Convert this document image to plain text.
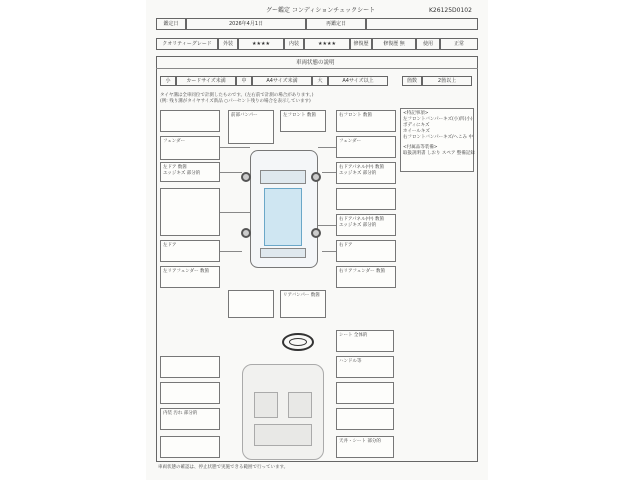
グー鑑定 コンディションチェックシート	K26125D0102
鑑定日	2026年4月1日	再鑑定日
クオリティーグレード	外装	★★★★	内装	★★★★	修復歴	修復歴 無	使用	正常
車両状態の説明
小	カードサイズ未満	中	A4サイズ未満	大	A4サイズ以上	箇数	2箇以上
タイヤ溝は全車同位で計測したものです。(左右前で計測の場合があります。)
(例: 残り溝がタイヤサイズ新品 ○パーセント残りの場合を表示しています)
<特記事項>
左フロントバンパーキズ(小)凹(小)
ボディにキズ
ホイールキズ
右フロントバンパーキズ/へこみ 中
<付属品等装備>
取扱説明書 しおり スペア 整備記録
フェンダー
左ドア 数箇
エッジキズ 部分的
左ドア
左リアフェンダー 数箇
前部バンパー	左フロント 数箇	右フロント 数箇
フェンダー
右ドアパネル(中) 数箇
エッジキズ 部分的
右ドアパネル(中) 数箇
エッジキズ 部分的
右ドア
右リアフェンダー 数箇
リアバンパー 数箇
シート 全体的
ハンドル等
内装 汚れ 部分的
天井・シート 部分的
車両状態の確認は、停止状態で実施できる範囲で行っています。
